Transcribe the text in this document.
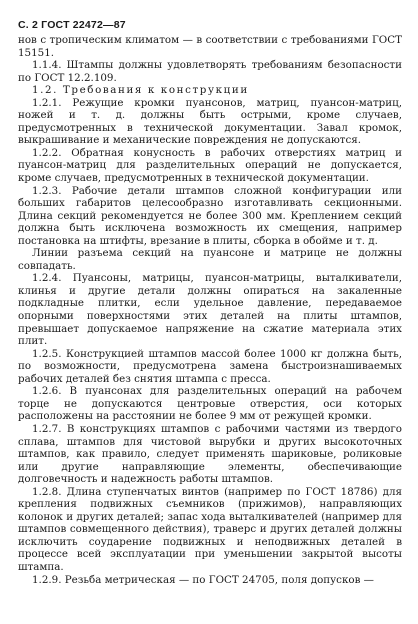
С. 2 ГОСТ 22472—87

нов с тропическим климатом — в соответствии с требованиями ГОСТ 15151.

1.1.4. Штампы должны удовлетворять требованиям безопасности по ГОСТ 12.2.109.

1.2. Требования к конструкции

1.2.1. Режущие кромки пуансонов, матриц, пуансон-матриц, ножей и т. д. должны быть острыми, кроме случаев, предусмотренных в технической документации. Завал кромок, выкрашивание и механические повреждения не допускаются.

1.2.2. Обратная конусность в рабочих отверстиях матриц и пуансон-матриц для разделительных операций не допускается, кроме случаев, предусмотренных в технической документации.

1.2.3. Рабочие детали штампов сложной конфигурации или больших габаритов целесообразно изготавливать секционными. Длина секций рекомендуется не более 300 мм. Креплением секций должна быть исключена возможность их смещения, например постановка на штифты, врезание в плиты, сборка в обойме и т. д.

Линии разъема секций на пуансоне и матрице не должны совпадать.

1.2.4. Пуансоны, матрицы, пуансон-матрицы, выталкиватели, клинья и другие детали должны опираться на закаленные подкладные плитки, если удельное давление, передаваемое опорными поверхностями этих деталей на плиты штампов, превышает допускаемое напряжение на сжатие материала этих плит.

1.2.5. Конструкцией штампов массой более 1000 кг должна быть, по возможности, предусмотрена замена быстроизнашиваемых рабочих деталей без снятия штампа с пресса.

1.2.6. В пуансонах для разделительных операций на рабочем торце не допускаются центровые отверстия, оси которых расположены на расстоянии не более 9 мм от режущей кромки.

1.2.7. В конструкциях штампов с рабочими частями из твердого сплава, штампов для чистовой вырубки и других высокоточных штампов, как правило, следует применять шариковые, роликовые или другие направляющие элементы, обеспечивающие долговечность и надежность работы штампов.

1.2.8. Длина ступенчатых винтов (например по ГОСТ 18786) для крепления подвижных съемников (прижимов), направляющих колонок и других деталей; запас хода выталкивателей (например для штампов совмещенного действия), траверс и других деталей должны исключить соударение подвижных и неподвижных деталей в процессе всей эксплуатации при уменьшении закрытой высоты штампа.

1.2.9. Резьба метрическая — по ГОСТ 24705, поля допусков —
